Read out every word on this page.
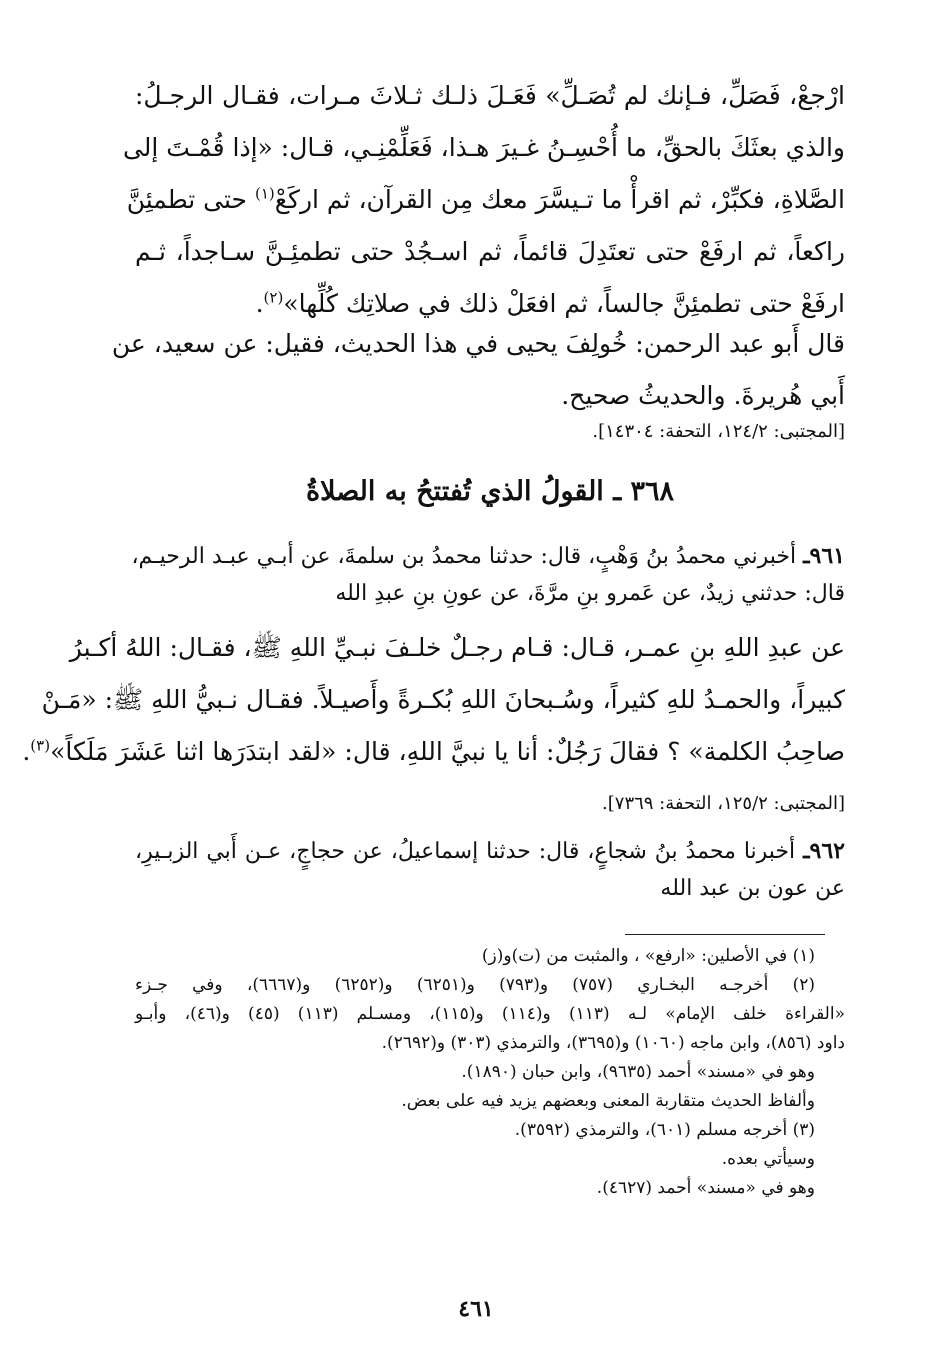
ارْجعْ، فَصَلِّ، فـإنك لم تُصَـلِّ» فَعَـلَ ذلـك ثـلاثَ مـرات، فقـال الرجـلُ:
والذي بعثَكَ بالحقِّ، ما أُحْسِـنُ غـيرَ هـذا، فَعَلِّمْنِـي، قـال: «إذا قُمْـتَ إلى
الصَّلاةِ، فكبِّرْ، ثم اقرأْ ما تـيسَّرَ معك مِن القرآن، ثم اركَعْ$^{(١)}$ حتى تطمئِنَّ
راكعاً، ثم ارفَعْ حتى تعتَدِلَ قائماً، ثم اسـجُدْ حتى تطمئِـنَّ سـاجداً، ثـم
ارفَعْ حتى تطمئِنَّ جالساً، ثم افعَلْ ذلك في صلاتِك كُلِّها»$^{(٢)}$.
قال أَبو عبد الرحمن: خُولِفَ يحيى في هذا الحديث، فقيل: عن سعيد، عن
أَبي هُريرةَ. والحديثُ صحيح.
[المجتبى: ١٢٤/٢، التحفة: ١٤٣٠٤].
٣٦٨ ـ القولُ الذي تُفتتحُ به الصلاةُ
٩٦١ـ أخبرني محمدُ بنُ وَهْبٍ، قال: حدثنا محمدُ بن سلمةَ، عن أبـي عبـد الرحيـم،
قال: حدثني زيدٌ، عن عَمرو بنِ مرَّةَ، عن عونِ بنِ عبدِ الله
عن عبدِ اللهِ بنِ عمـر، قـال: قـام رجـلٌ خلـفَ نبـيِّ اللهِ ﷺ، فقـال: اللهُ أكـبرُ
كبيراً، والحمـدُ للهِ كثيراً، وسُـبحانَ اللهِ بُكـرةً وأَصيـلاً. فقـال نـبيُّ اللهِ ﷺ: «مَـنْ
صاحِبُ الكلمة» ؟ فقالَ رَجُلٌ: أنا يا نبيَّ اللهِ، قال: «لقد ابتدَرَها اثنا عَشَرَ مَلَكاً»$^{(٣)}$.
[المجتبى: ١٢٥/٢، التحفة: ٧٣٦٩].
٩٦٢ـ أخبرنا محمدُ بنُ شجاعٍ، قال: حدثنا إسماعيلُ، عن حجاجٍ، عـن أَبي الزبـيرِ،
عن عون بن عبد الله
(١) في الأصلين: «ارفع» ، والمثبت من (ت)و(ز)
(٢) أخرجـه البخـاري (٧٥٧) و(٧٩٣) و(٦٢٥١) و(٦٢٥٢) و(٦٦٦٧)، وفي جـزء
«القراءة خلف الإمام» لـه (١١٣) و(١١٤) و(١١٥)، ومسـلم (١١٣) (٤٥) و(٤٦)، وأبـو
داود (٨٥٦)، وابن ماجه (١٠٦٠) و(٣٦٩٥)، والترمذي (٣٠٣) و(٢٦٩٢).
وهو في «مسند» أحمد (٩٦٣٥)، وابن حبان (١٨٩٠).
وألفاظ الحديث متقاربة المعنى وبعضهم يزيد فيه على بعض.
(٣) أخرجه مسلم (٦٠١)، والترمذي (٣٥٩٢).
وسيأتي بعده.
وهو في «مسند» أحمد (٤٦٢٧).
٤٦١
